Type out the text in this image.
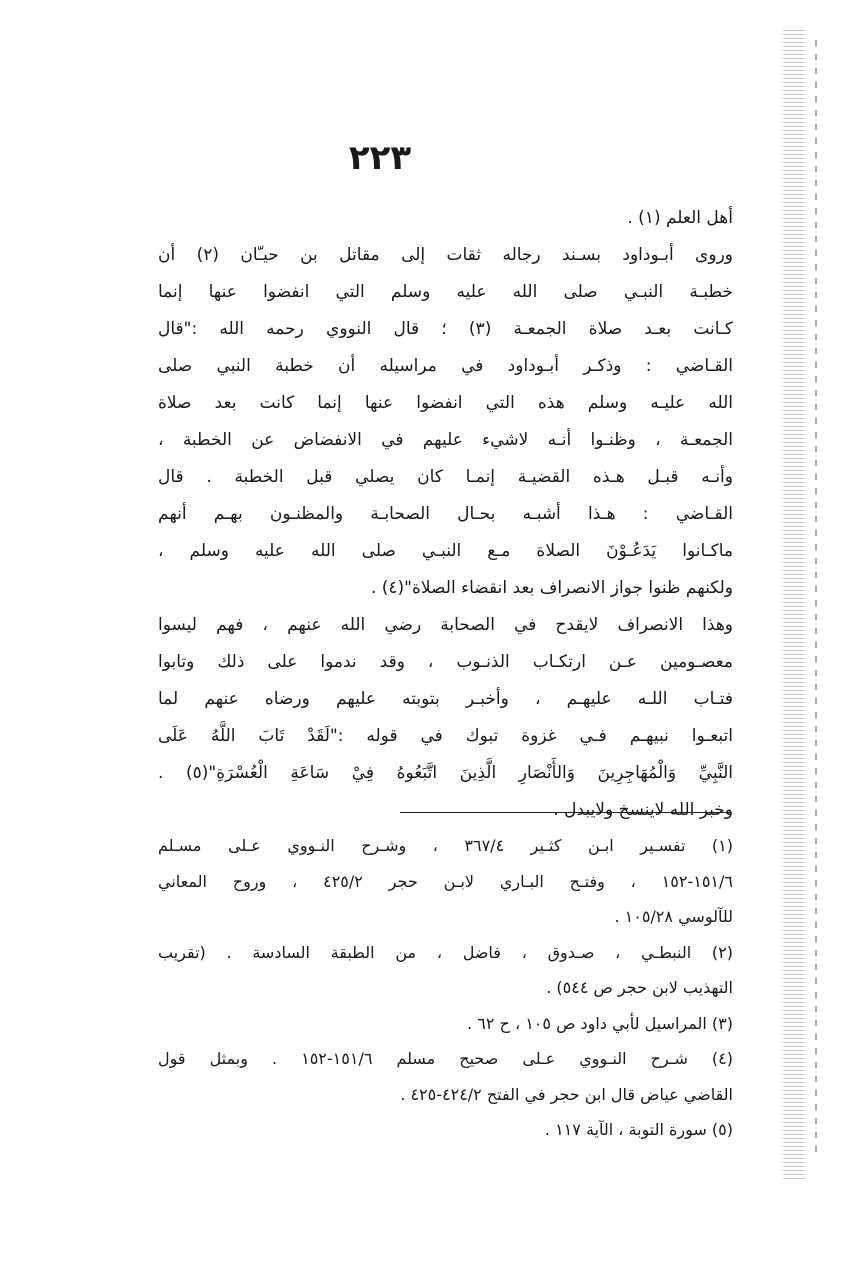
٢٢٣
أهل العلم (١) .
وروى أبـوداود بسـند رجاله ثقات إلى مقاتل بن حيـّان (٢) أن
خطبـة النبـي صلى الله عليه وسلم التي انفضوا عنها إنما
كـانت بعـد صلاة الجمعـة (٣) ؛ قال النووي رحمه الله :"قال
القـاضي : وذكـر أبـوداود في مراسيله أن خطبة النبي صلى
الله عليـه وسلم هذه التي انفضوا عنها إنما كانت بعد صلاة
الجمعـة ، وظنـوا أنـه لاشيء عليهم في الانفضاض عن الخطبة ،
وأنـه قبـل هـذه القضيـة إنمـا كان يصلي قبل الخطبة . قال
القـاضي : هـذا أشبـه بحـال الصحابـة والمظنـون بهـم أنهم
ماكـانوا يَدَعُـوْنَ الصلاة مـع النبـي صلى الله عليه وسلم ،
ولكنهم ظنوا جواز الانصراف بعد انقضاء الصلاة"(٤) .
وهذا الانصراف لايقدح في الصحابة رضي الله عنهم ، فهم ليسوا
معصـومين عـن ارتكـاب الذنـوب ، وقد ندموا على ذلك وتابوا
فتـاب اللـه عليهـم ، وأخبـر بتوبته عليهم ورضاه عنهم لما
اتبعـوا نبيهـم فـي غزوة تبوك في قوله :"لَقَدْ تَابَ اللَّهُ عَلَى
النَّبِيِّ وَالْمُهَاجِرِينَ وَالأَنْصَارِ الَّذِينَ اتَّبَعُوهُ فِيْ سَاعَةِ الْعُسْرَةِ"(٥) .
وخبر الله لاينسخ ولايبدل .
(١) تفسـير ابـن كثـير ٣٦٧/٤ ، وشـرح النـووي عـلى مسـلم
١٥١/٦-١٥٢ ، وفتـح البـاري لابـن حجر ٤٢٥/٢ ، وروح المعاني
للآلوسي ١٠٥/٢٨ .
(٢) النبطـي ، صـدوق ، فاضل ، من الطبقة السادسة . (تقريب
التهذيب لابن حجر ص ٥٤٤) .
(٣) المراسيل لأبي داود ص ١٠٥ ، ح ٦٢ .
(٤) شـرح النـووي عـلى صحيح مسلم ١٥١/٦-١٥٢ . وبمثل قول
القاضي عياض قال ابن حجر في الفتح ٤٢٤/٢-٤٢٥ .
(٥) سورة التوبة ، الآية ١١٧ .
